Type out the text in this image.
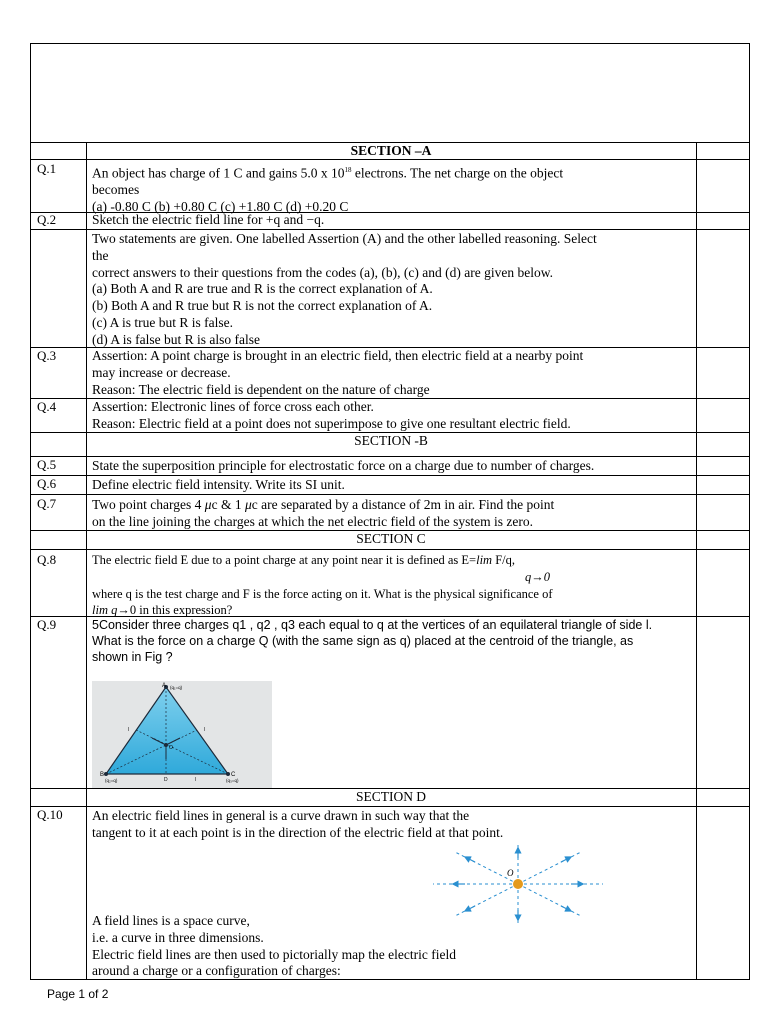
SECTION –A
Q.1	An object has charge of 1 C and gains 5.0 x $10^{18}$ electrons. The net charge on the object
becomes
(a) -0.80 C (b) +0.80 C (c) +1.80 C (d) +0.20 C
Q.2	Sketch the electric field line for +q and −q.
Two statements are given. One labelled Assertion (A) and the other labelled reasoning. Select
the
correct answers to their questions from the codes (a), (b), (c) and (d) are given below.
(a) Both A and R are true and R is the correct explanation of A.
(b) Both A and R true but R is not the correct explanation of A.
(c) A is true but R is false.
(d) A is false but R is also false
Q.3	Assertion: A point charge is brought in an electric field, then electric field at a nearby point
may increase or decrease.
Reason: The electric field is dependent on the nature of charge
Q.4	Assertion: Electronic lines of force cross each other.
Reason: Electric field at a point does not superimpose to give one resultant electric field.
SECTION -B
Q.5	State the superposition principle for electrostatic force on a charge due to number of charges.
Q.6	Define electric field intensity. Write its SI unit.
Q.7	Two point charges 4 μc & 1 μc are separated by a distance of 2m in air. Find the point
on the line joining the charges at which the net electric field of the system is zero.
SECTION C
Q.8	The electric field E due to a point charge at any point near it is defined as E=lim F/q,
q→0
where q is the test charge and F is the force acting on it. What is the physical significance of
lim q→0 in this expression?
Q.9	5Consider three charges q1 , q2 , q3 each equal to q at the vertices of an equilateral triangle of side l.
What is the force on a charge Q (with the same sign as q) placed at the centroid of the triangle, as
shown in Fig ?
A (q₁=q)
B
(q₂=q)
C
(q₃=q)
D
l	l
l
O
SECTION D
Q.10 An electric field lines in general is a curve drawn in such way that the
tangent to it at each point is in the direction of the electric field at that point.
A field lines is a space curve,
i.e. a curve in three dimensions.
Electric field lines are then used to pictorially map the electric field
around a charge or a configuration of charges:
O
Page 1 of 2
